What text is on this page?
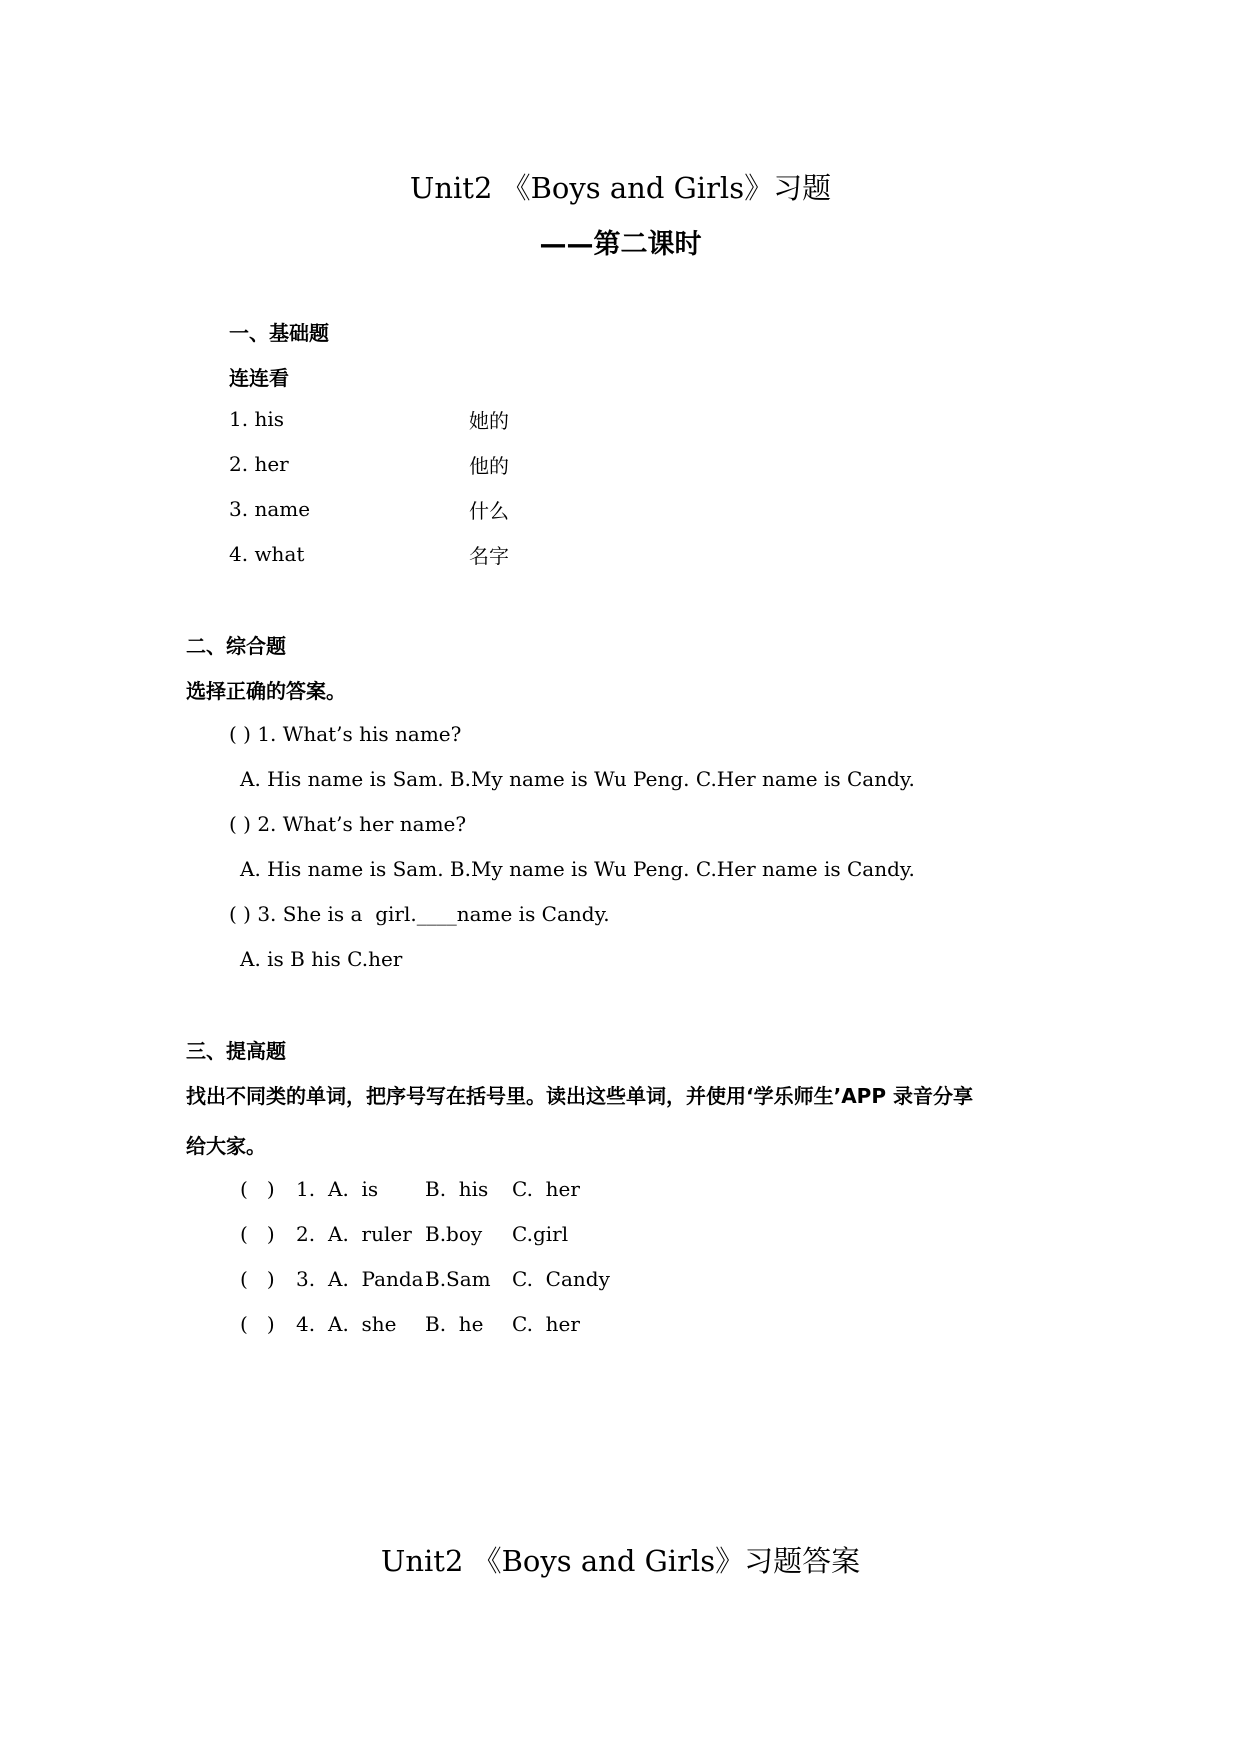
Unit2 《Boys and Girls》习题
——第二课时
一、基础题
连连看
1. his	她的
2. her	他的
3. name	什么
4. what	名字
二、综合题
选择正确的答案。
( ) 1. What’s his name?
A. His name is Sam. B.My name is Wu Peng. C.Her name is Candy.
( ) 2. What’s her name?
A. His name is Sam. B.My name is Wu Peng. C.Her name is Candy.
( ) 3. She is a  girl.____name is Candy.
A. is B his C.her
三、提高题
找出不同类的单词，把序号写在括号里。读出这些单词，并使用‘学乐师生’APP 录音分享
给大家。
(   ) 1. A.  is B.  his C.  her
(   ) 2. A.  ruler B.boy C.girl
(   ) 3. A.  Panda B.Sam C.  Candy
(   ) 4. A.  she B.  he C.  her
Unit2 《Boys and Girls》习题答案
